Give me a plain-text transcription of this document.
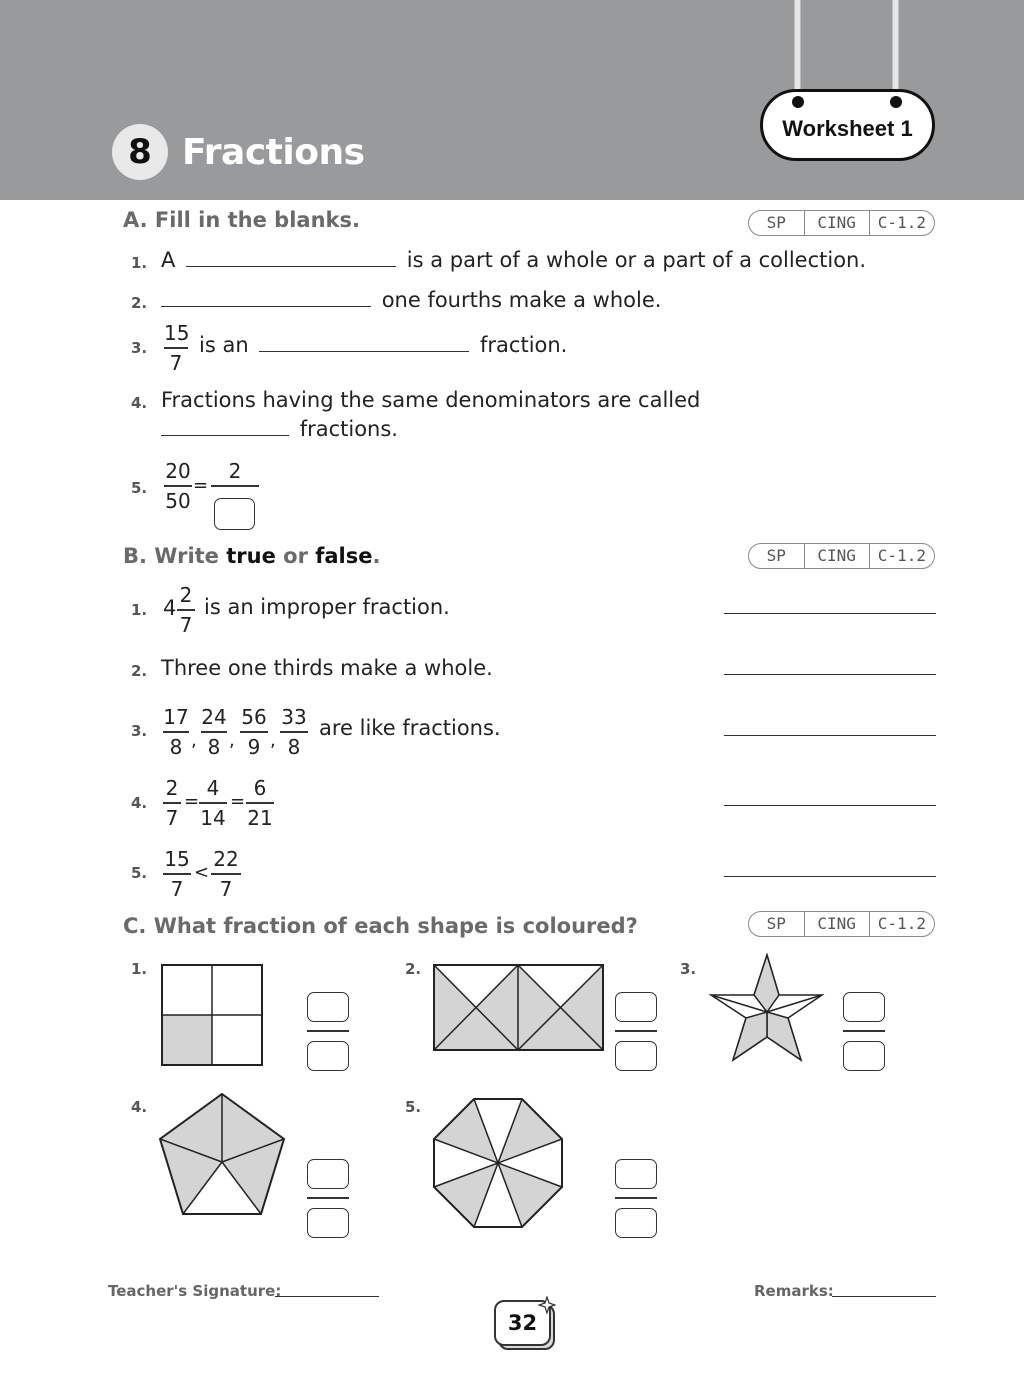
8 Fractions
Worksheet 1
A. Fill in the blanks.	SP	CING	C-1.2
1. A	is a part of a whole or a part of a collection.
2.	one fourths make a whole.
3.
15
7
is an	fraction.
4. Fractions having the same denominators are called
fractions.
5.
20
50
=
2
B. Write true or false.	SP	CING	C-1.2
1. 4
2
7
is an improper fraction.
2. Three one thirds make a whole.
3.
17
8 ,
24
8 ,
56
9 ,
33
8
are like fractions.
4.
2
7
=
4
14
=
6
21
5.
15
7
<
22
7
C. What fraction of each shape is coloured?	SP	CING	C-1.2
1.	2.	3.
4.	5.
Teacher's Signature:	Remarks:
32
